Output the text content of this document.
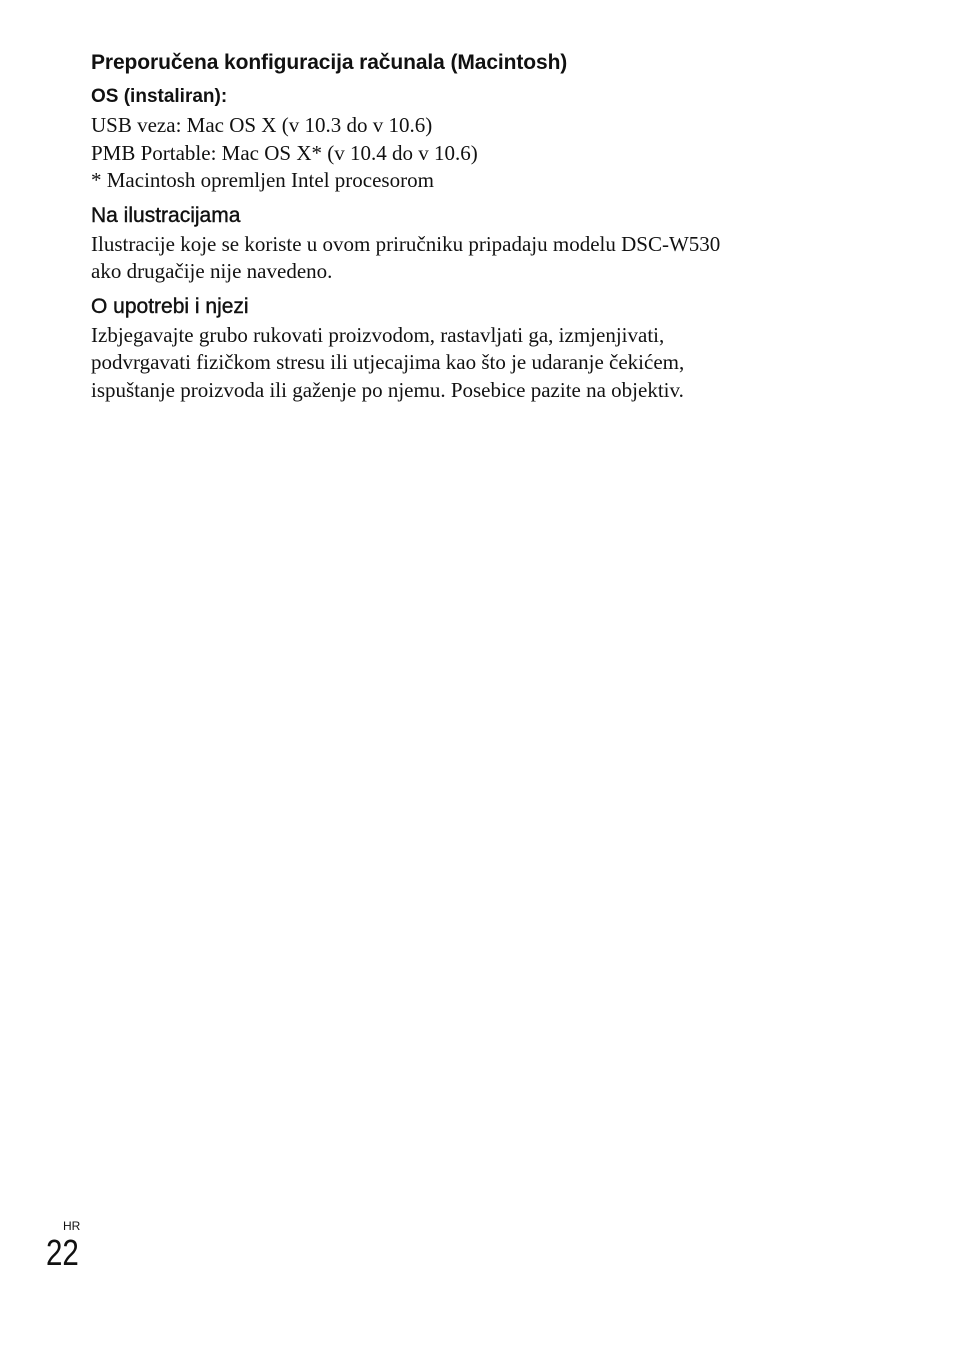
Preporučena konfiguracija računala (Macintosh)
OS (instaliran):

USB veza: Mac OS X (v 10.3 do v 10.6)
PMB Portable: Mac OS X* (v 10.4 do v 10.6)
* Macintosh opremljen Intel procesorom

Na ilustracijama

Ilustracije koje se koriste u ovom priručniku pripadaju modelu DSC-W530
ako drugačije nije navedeno.

O upotrebi i njezi

Izbjegavajte grubo rukovati proizvodom, rastavljati ga, izmjenjivati,
podvrgavati fizičkom stresu ili utjecajima kao što je udaranje čekićem,
ispuštanje proizvoda ili gaženje po njemu. Posebice pazite na objektiv.

HR
22
